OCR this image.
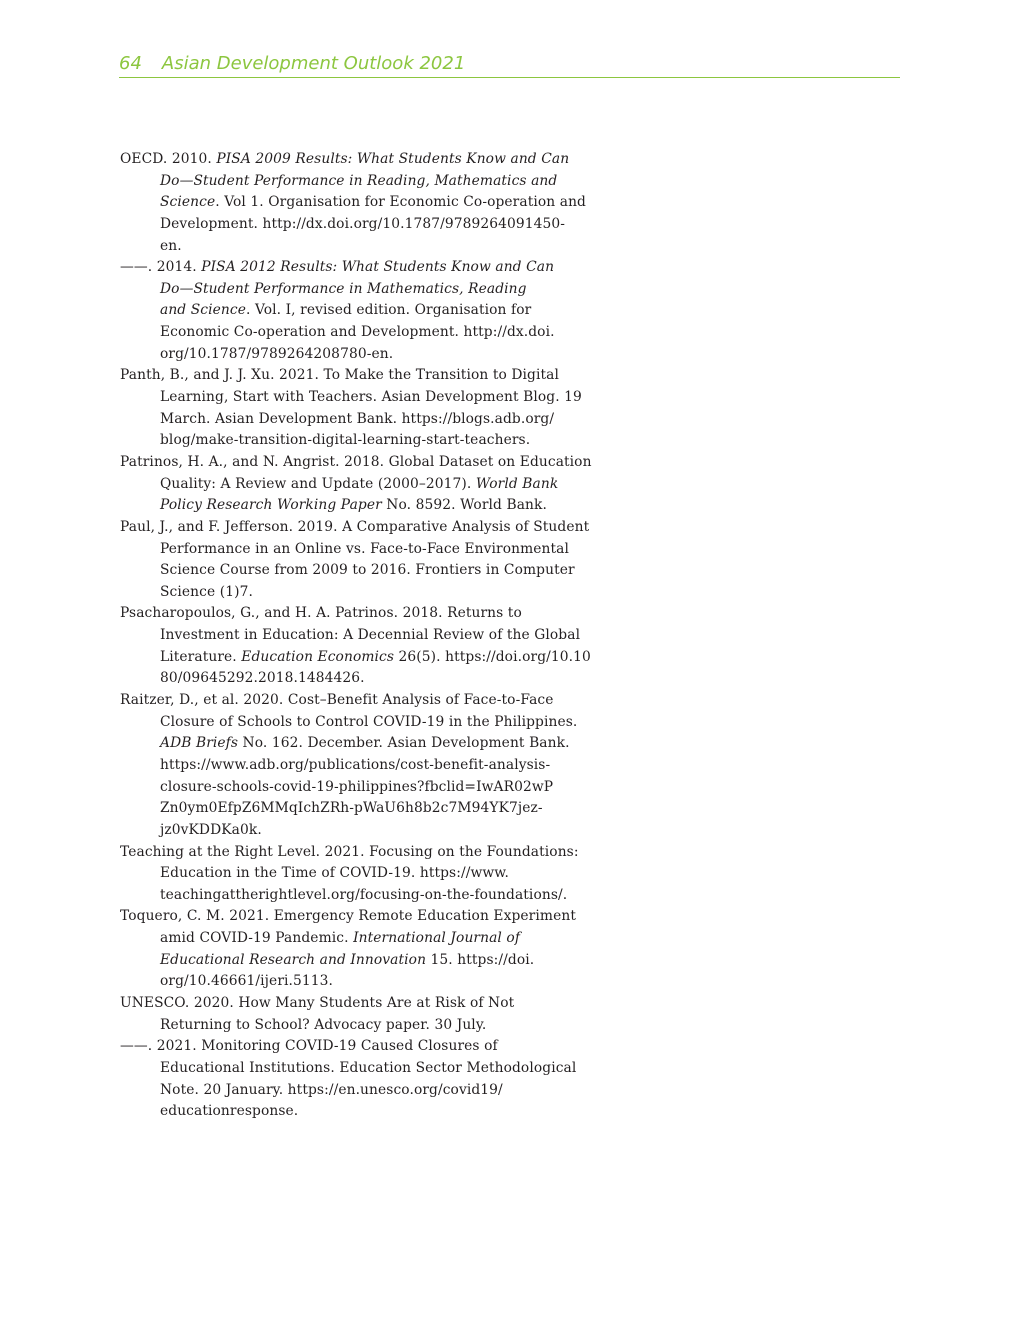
64 Asian Development Outlook 2021
OECD. 2010. PISA 2009 Results: What Students Know and Can
Do—Student Performance in Reading, Mathematics and
Science. Vol 1. Organisation for Economic Co-operation and
Development. http://dx.doi.org/10.1787/9789264091450-
en.
——. 2014. PISA 2012 Results: What Students Know and Can
Do—Student Performance in Mathematics, Reading
and Science. Vol. I, revised edition. Organisation for
Economic Co-operation and Development. http://dx.doi.
org/10.1787/9789264208780-en.
Panth, B., and J. J. Xu. 2021. To Make the Transition to Digital
Learning, Start with Teachers. Asian Development Blog. 19
March. Asian Development Bank. https://blogs.adb.org/
blog/make-transition-digital-learning-start-teachers.
Patrinos, H. A., and N. Angrist. 2018. Global Dataset on Education
Quality: A Review and Update (2000–2017). World Bank
Policy Research Working Paper No. 8592. World Bank.
Paul, J., and F. Jefferson. 2019. A Comparative Analysis of Student
Performance in an Online vs. Face-to-Face Environmental
Science Course from 2009 to 2016. Frontiers in Computer
Science (1)7.
Psacharopoulos, G., and H. A. Patrinos. 2018. Returns to
Investment in Education: A Decennial Review of the Global
Literature. Education Economics 26(5). https://doi.org/10.10
80/09645292.2018.1484426.
Raitzer, D., et al. 2020. Cost–Benefit Analysis of Face-to-Face
Closure of Schools to Control COVID-19 in the Philippines.
ADB Briefs No. 162. December. Asian Development Bank.
https://www.adb.org/publications/cost-benefit-analysis-
closure-schools-covid-19-philippines?fbclid=IwAR02wP
Zn0ym0EfpZ6MMqIchZRh-pWaU6h8b2c7M94YK7jez-
jz0vKDDKa0k.
Teaching at the Right Level. 2021. Focusing on the Foundations:
Education in the Time of COVID-19. https://www.
teachingattherightlevel.org/focusing-on-the-foundations/.
Toquero, C. M. 2021. Emergency Remote Education Experiment
amid COVID-19 Pandemic. International Journal of
Educational Research and Innovation 15. https://doi.
org/10.46661/ijeri.5113.
UNESCO. 2020. How Many Students Are at Risk of Not
Returning to School? Advocacy paper. 30 July.
——. 2021. Monitoring COVID-19 Caused Closures of
Educational Institutions. Education Sector Methodological
Note. 20 January. https://en.unesco.org/covid19/
educationresponse.
